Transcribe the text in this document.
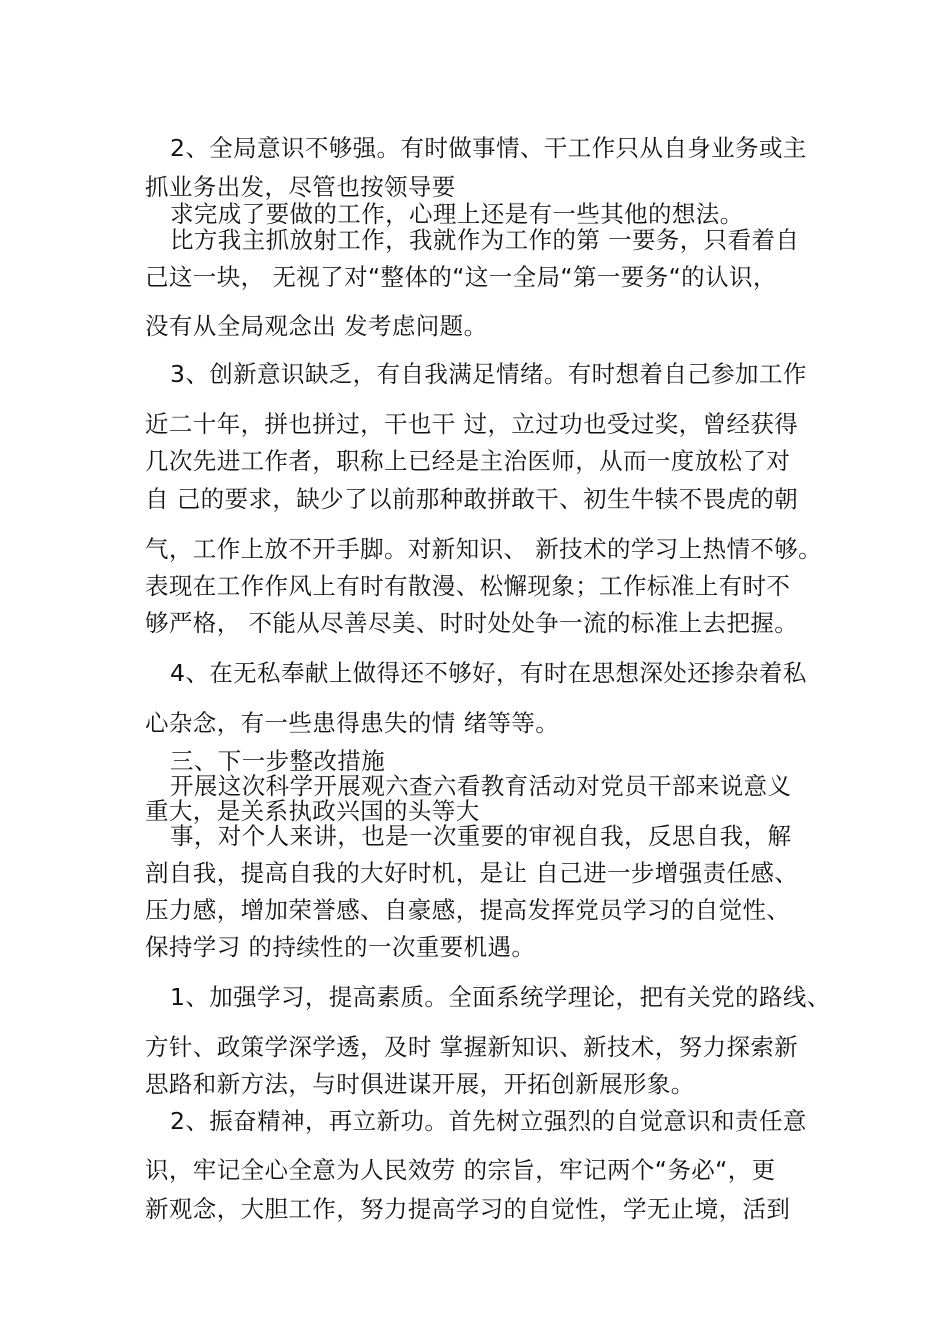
2、全局意识不够强。有时做事情、干工作只从自身业务或主
抓业务出发，尽管也按领导要
求完成了要做的工作，心理上还是有一些其他的想法。
比方我主抓放射工作，我就作为工作的第 一要务，只看着自
己这一块， 无视了对“整体的“这一全局“第一要务“的认识，
没有从全局观念出 发考虑问题。
3、创新意识缺乏，有自我满足情绪。有时想着自己参加工作
近二十年，拼也拼过，干也干 过，立过功也受过奖，曾经获得
几次先进工作者，职称上已经是主治医师，从而一度放松了对
自 己的要求，缺少了以前那种敢拼敢干、初生牛犊不畏虎的朝
气，工作上放不开手脚。对新知识、 新技术的学习上热情不够。
表现在工作作风上有时有散漫、松懈现象；工作标准上有时不
够严格， 不能从尽善尽美、时时处处争一流的标准上去把握。
4、在无私奉献上做得还不够好，有时在思想深处还掺杂着私
心杂念，有一些患得患失的情 绪等等。
三、下一步整改措施
开展这次科学开展观六查六看教育活动对党员干部来说意义
重大，是关系执政兴国的头等大
事，对个人来讲，也是一次重要的审视自我，反思自我，解
剖自我，提高自我的大好时机，是让 自己进一步增强责任感、
压力感，增加荣誉感、自豪感，提高发挥党员学习的自觉性、
保持学习 的持续性的一次重要机遇。
1、加强学习，提高素质。全面系统学理论，把有关党的路线、
方针、政策学深学透，及时 掌握新知识、新技术，努力探索新
思路和新方法，与时俱进谋开展，开拓创新展形象。
2、振奋精神，再立新功。首先树立强烈的自觉意识和责任意
识，牢记全心全意为人民效劳 的宗旨，牢记两个“务必“，更
新观念，大胆工作，努力提高学习的自觉性，学无止境，活到
